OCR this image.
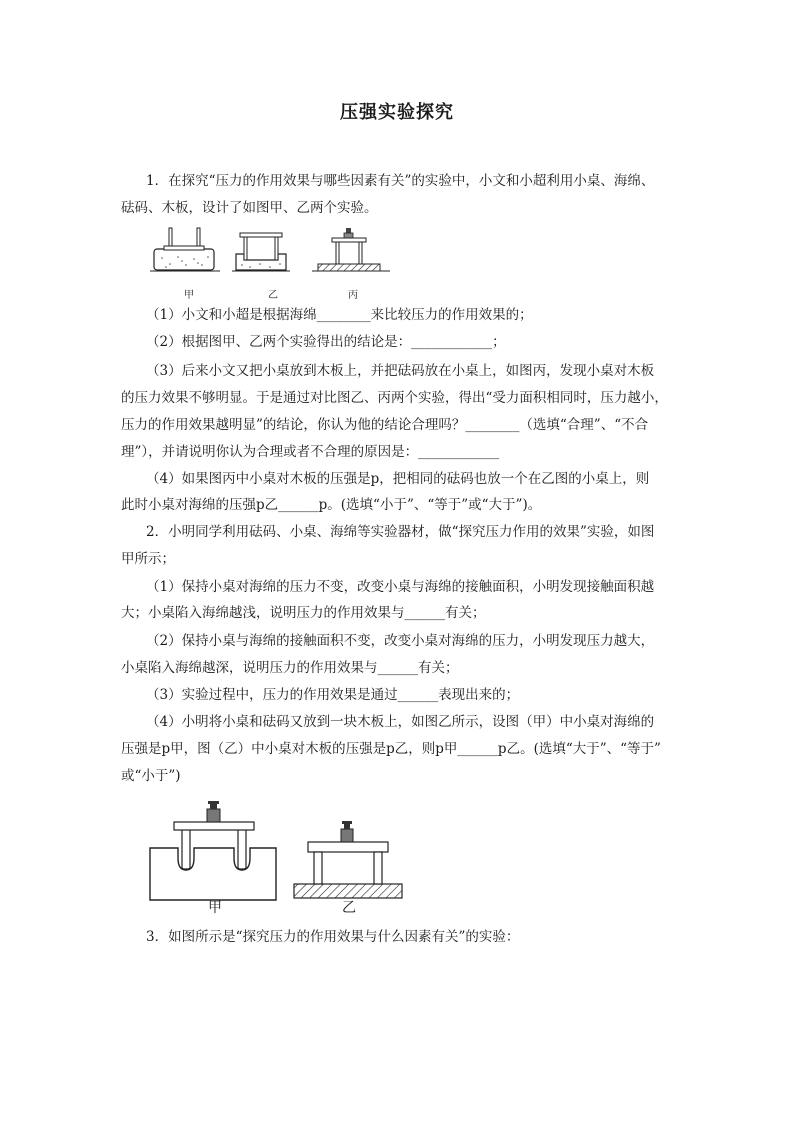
压强实验探究
1．在探究“压力的作用效果与哪些因素有关”的实验中，小文和小超利用小桌、海绵、
砝码、木板，设计了如图甲、乙两个实验。
甲	乙	丙
（1）小文和小超是根据海绵________来比较压力的作用效果的；
（2）根据图甲、乙两个实验得出的结论是：____________；
（3）后来小文又把小桌放到木板上，并把砝码放在小桌上，如图丙，发现小桌对木板
的压力效果不够明显。于是通过对比图乙、丙两个实验，得出“受力面积相同时，压力越小，
压力的作用效果越明显”的结论，你认为他的结论合理吗？________（选填“合理”、“不合
理”），并请说明你认为合理或者不合理的原因是：____________
（4）如果图丙中小桌对木板的压强是p，把相同的砝码也放一个在乙图的小桌上，则
此时小桌对海绵的压强p乙______p。(选填“小于”、“等于”或“大于”)。
2．小明同学利用砝码、小桌、海绵等实验器材，做“探究压力作用的效果”实验，如图
甲所示；
（1）保持小桌对海绵的压力不变，改变小桌与海绵的接触面积，小明发现接触面积越
大；小桌陷入海绵越浅，说明压力的作用效果与______有关；
（2）保持小桌与海绵的接触面积不变，改变小桌对海绵的压力，小明发现压力越大，
小桌陷入海绵越深，说明压力的作用效果与______有关；
（3）实验过程中，压力的作用效果是通过______表现出来的；
（4）小明将小桌和砝码又放到一块木板上，如图乙所示，设图（甲）中小桌对海绵的
压强是p甲，图（乙）中小桌对木板的压强是p乙，则p甲______p乙。(选填“大于”、“等于”
或“小于”)
甲	乙
3．如图所示是“探究压力的作用效果与什么因素有关”的实验：
